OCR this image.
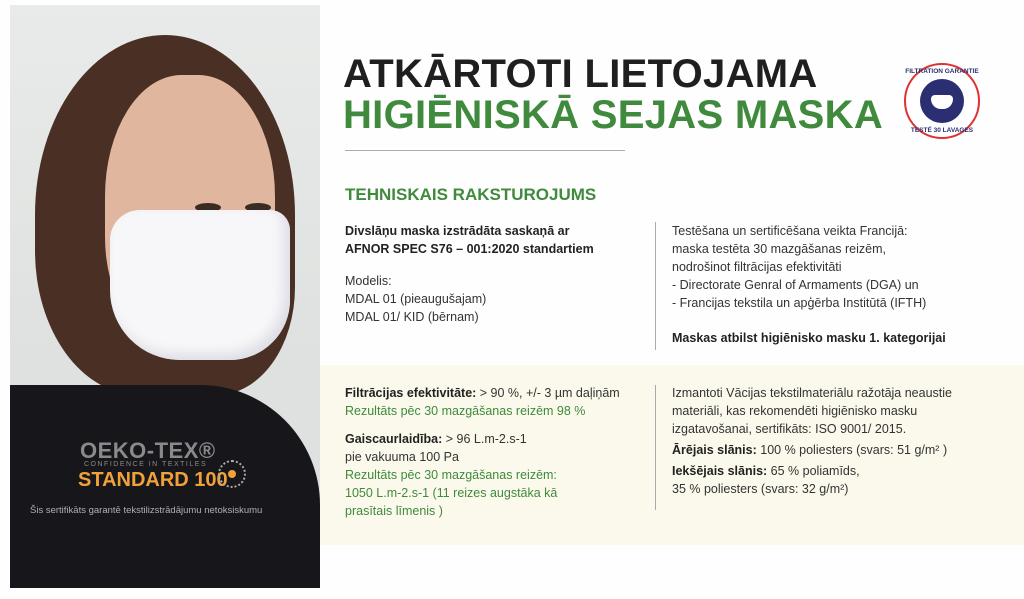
OEKO-TEX®
CONFIDENCE IN TEXTILES
STANDARD 100
Šis sertifikāts garantē tekstilizstrādājumu netoksiskumu
ATKĀRTOTI LIETOJAMA
HIGIĒNISKĀ SEJAS MASKA
FILTRATION GARANTIE
TESTÉ 30 LAVAGES
TEHNISKAIS RAKSTUROJUMS
Divslāņu maska izstrādāta saskaņā ar
AFNOR SPEC S76 – 001:2020 standartiem
Modelis:
MDAL 01 (pieaugušajam)
MDAL 01/ KID (bērnam)
Testēšana un sertificēšana veikta Francijā:
maska testēta 30 mazgāšanas reizēm,
nodrošinot filtrācijas efektivitāti
- Directorate Genral of Armaments (DGA) un
- Francijas tekstila un apģērba Institūtā (IFTH)
Maskas atbilst higiēnisko masku 1. kategorijai
Filtrācijas efektivitāte: > 90 %, +/- 3 µm daļiņām
Rezultāts pēc 30 mazgāšanas reizēm 98 %
Gaiscaurlaidība: > 96 L.m-2.s-1
pie vakuuma 100 Pa
Rezultāts pēc 30 mazgāšanas reizēm:
1050 L.m-2.s-1 (11 reizes augstāka kā
prasītais līmenis )
Izmantoti Vācijas tekstilmateriālu ražotāja neaustie
materiāli, kas rekomendēti higiēnisko masku
izgatavošanai, sertifikāts: ISO 9001/ 2015.
Ārējais slānis: 100 % poliesters (svars: 51 g/m² )
Iekšējais slānis: 65 % poliamīds,
35 % poliesters (svars: 32 g/m²)
